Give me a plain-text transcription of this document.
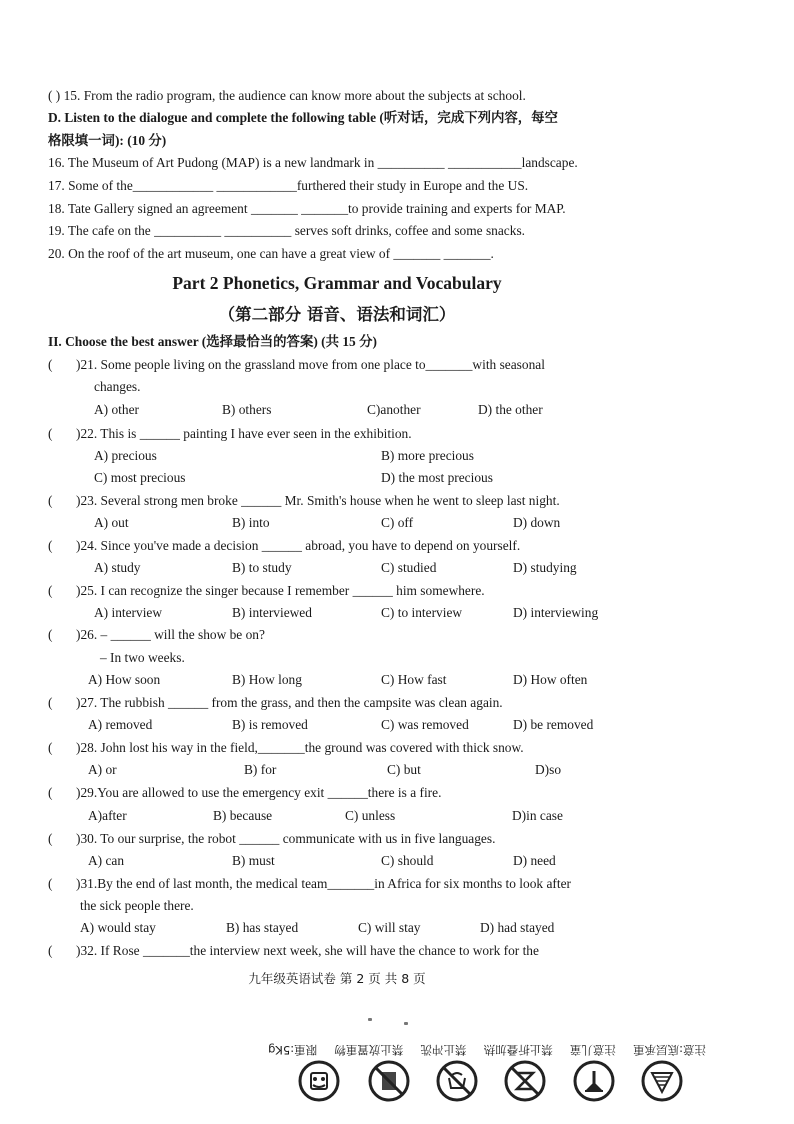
( ) 15. From the radio program, the audience can know more about the subjects at school.
D. Listen to the dialogue and complete the following table (听对话，完成下列内容，每空
格限填一词): (10 分)
16. The Museum of Art Pudong (MAP) is a new landmark in __________ ___________landscape.
17. Some of the____________ ____________furthered their study in Europe and the US.
18. Tate Gallery signed an agreement _______ _______to provide training and experts for MAP.
19. The cafe on the __________ __________ serves soft drinks, coffee and some snacks.
20. On the roof of the art museum, one can have a great view of _______ _______.
Part 2 Phonetics, Grammar and Vocabulary
（第二部分 语音、语法和词汇）
II. Choose the best answer (选择最恰当的答案) (共 15 分)
( )21. Some people living on the grassland move from one place to_______with seasonal
changes.
A) other	B) others	C)another	D) the other
( )22. This is ______ painting I have ever seen in the exhibition.
A) precious	B) more precious
C) most precious	D) the most precious
( )23. Several strong men broke ______ Mr. Smith's house when he went to sleep last night.
A) out	B) into	C) off	D) down
( )24. Since you've made a decision ______ abroad, you have to depend on yourself.
A) study	B) to study	C) studied	D) studying
( )25. I can recognize the singer because I remember ______ him somewhere.
A) interview	B) interviewed	C) to interview	D) interviewing
( )26. – ______ will the show be on?
– In two weeks.
A) How soon	B) How long	C) How fast	D) How often
( )27. The rubbish ______ from the grass, and then the campsite was clean again.
A) removed	B) is removed	C) was removed	D) be removed
( )28. John lost his way in the field,_______the ground was covered with thick snow.
A) or	B) for	C) but	D)so
( )29.You are allowed to use the emergency exit ______there is a fire.
A)after	B) because	C) unless	D)in case
( )30. To our surprise, the robot ______ communicate with us in five languages.
A) can	B) must	C) should	D) need
( )31.By the end of last month, the medical team_______in Africa for six months to look after
the sick people there.
A) would stay	B) has stayed	C) will stay	D) had stayed
( )32. If Rose _______the interview next week, she will have the chance to work for the
九年级英语试卷 第 2 页 共 8 页
注意:底层承重
注意儿童
禁止折叠加热
禁止冲洗
禁止放置重物
限重:5Kg
